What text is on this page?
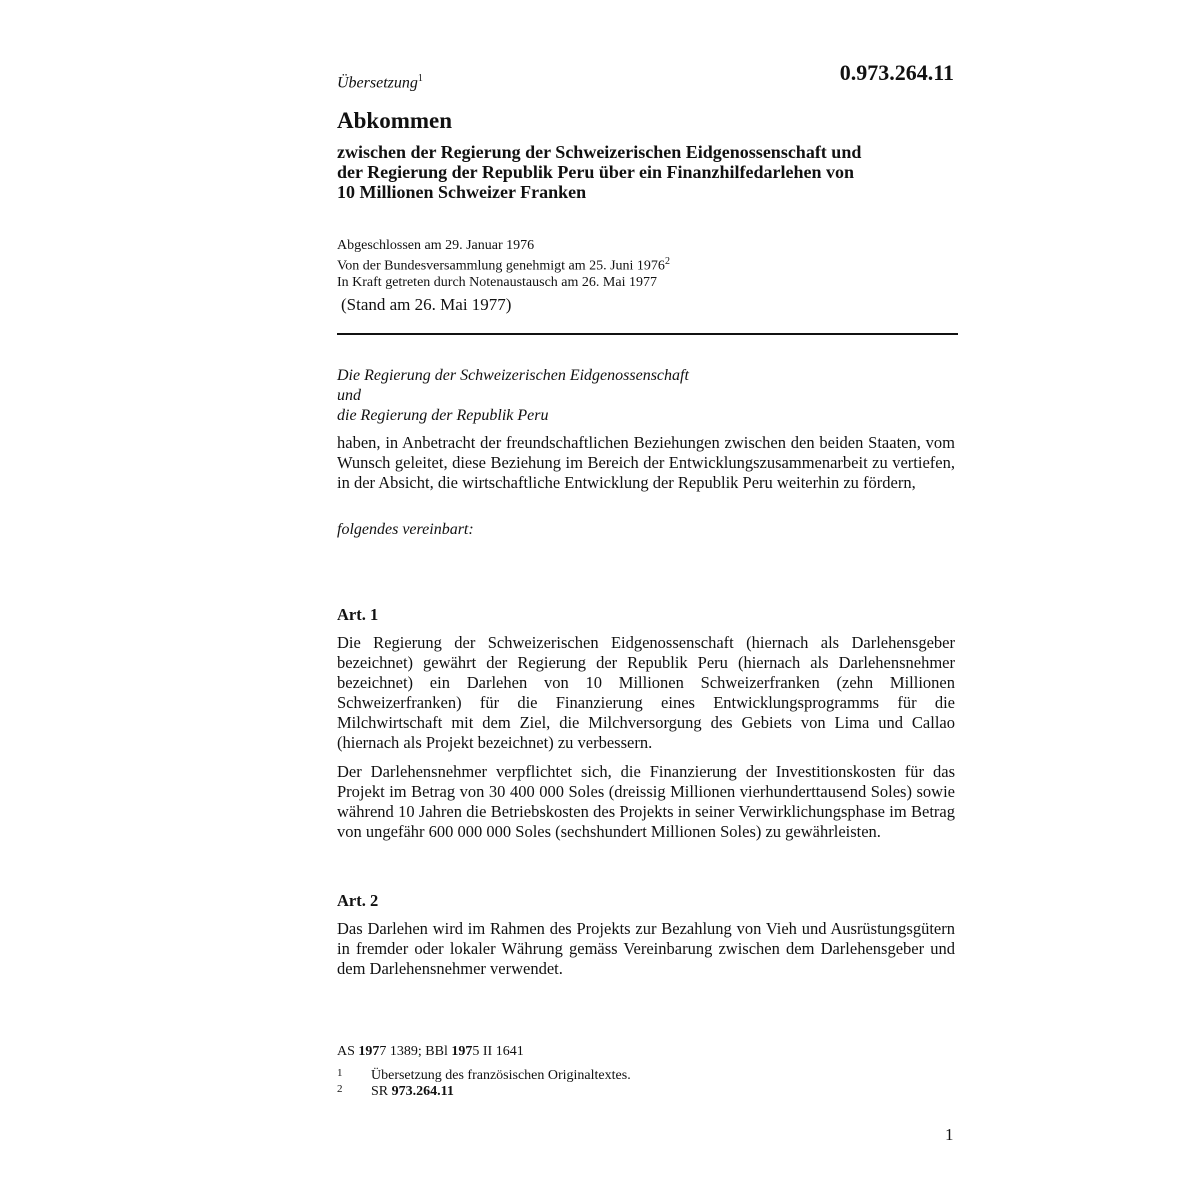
Übersetzung$^1$	0.973.264.11
Abkommen
zwischen der Regierung der Schweizerischen Eidgenossenschaft und
der Regierung der Republik Peru über ein Finanzhilfedarlehen von
10 Millionen Schweizer Franken
Abgeschlossen am 29. Januar 1976
Von der Bundesversammlung genehmigt am 25. Juni 1976$^2$
In Kraft getreten durch Notenaustausch am 26. Mai 1977
(Stand am 26. Mai 1977)
Die Regierung der Schweizerischen Eidgenossenschaft
und
die Regierung der Republik Peru
haben, in Anbetracht der freundschaftlichen Beziehungen zwischen den beiden Staaten, vom Wunsch geleitet, diese Beziehung im Bereich der Entwicklungszusammenarbeit zu vertiefen, in der Absicht, die wirtschaftliche Entwicklung der Republik Peru weiterhin zu fördern,
folgendes vereinbart:
Art. 1
Die Regierung der Schweizerischen Eidgenossenschaft (hiernach als Darlehensgeber bezeichnet) gewährt der Regierung der Republik Peru (hiernach als Darlehensnehmer bezeichnet) ein Darlehen von 10 Millionen Schweizerfranken (zehn Millionen Schweizerfranken) für die Finanzierung eines Entwicklungsprogramms für die Milchwirtschaft mit dem Ziel, die Milchversorgung des Gebiets von Lima und Callao (hiernach als Projekt bezeichnet) zu verbessern.
Der Darlehensnehmer verpflichtet sich, die Finanzierung der Investitionskosten für das Projekt im Betrag von 30 400 000 Soles (dreissig Millionen vierhunderttausend Soles) sowie während 10 Jahren die Betriebskosten des Projekts in seiner Verwirklichungsphase im Betrag von ungefähr 600 000 000 Soles (sechshundert Millionen Soles) zu gewährleisten.
Art. 2
Das Darlehen wird im Rahmen des Projekts zur Bezahlung von Vieh und Ausrüstungsgütern in fremder oder lokaler Währung gemäss Vereinbarung zwischen dem Darlehensgeber und dem Darlehensnehmer verwendet.
AS 1977 1389; BBl 1975 II 1641
1 Übersetzung des französischen Originaltextes.
2 SR 973.264.11
1
